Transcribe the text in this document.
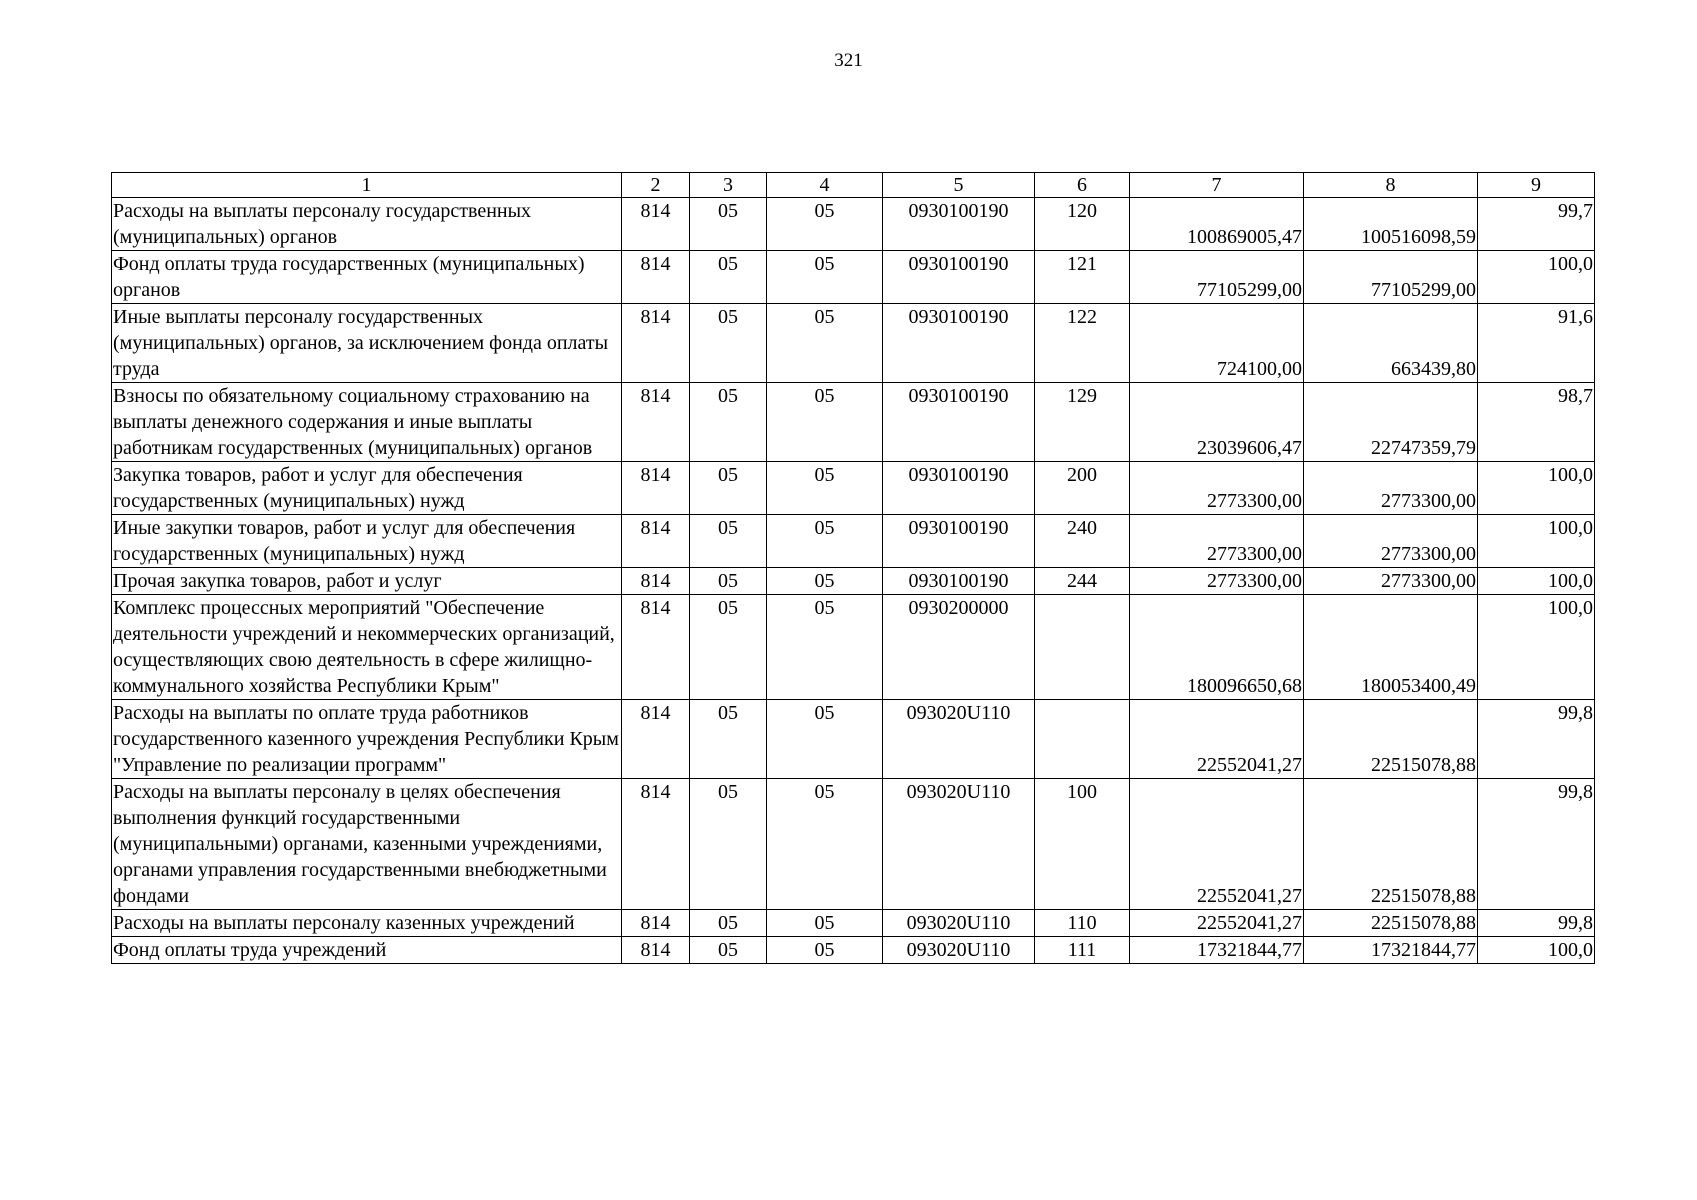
321
1	2	3	4	5	6	7	8	9
Расходы на выплаты персоналу государственных (муниципальных) органов	814	05	05	0930100190	120	100869005,47	100516098,59	99,7
Фонд оплаты труда государственных (муниципальных) органов	814	05	05	0930100190	121	77105299,00	77105299,00	100,0
Иные выплаты персоналу государственных (муниципальных) органов, за исключением фонда оплаты труда	814	05	05	0930100190	122	724100,00	663439,80	91,6
Взносы по обязательному социальному страхованию на выплаты денежного содержания и иные выплаты работникам государственных (муниципальных) органов	814	05	05	0930100190	129	23039606,47	22747359,79	98,7
Закупка товаров, работ и услуг для обеспечения государственных (муниципальных) нужд	814	05	05	0930100190	200	2773300,00	2773300,00	100,0
Иные закупки товаров, работ и услуг для обеспечения государственных (муниципальных) нужд	814	05	05	0930100190	240	2773300,00	2773300,00	100,0
Прочая закупка товаров, работ и услуг	814	05	05	0930100190	244	2773300,00	2773300,00	100,0
Комплекс процессных мероприятий "Обеспечение деятельности учреждений и некоммерческих организаций, осуществляющих свою деятельность в сфере жилищно-коммунального хозяйства Республики Крым"	814	05	05	0930200000		180096650,68	180053400,49	100,0
Расходы на выплаты по оплате труда работников государственного казенного учреждения Республики Крым "Управление по реализации программ"	814	05	05	093020U110		22552041,27	22515078,88	99,8
Расходы на выплаты персоналу в целях обеспечения выполнения функций государственными (муниципальными) органами, казенными учреждениями, органами управления государственными внебюджетными фондами	814	05	05	093020U110	100	22552041,27	22515078,88	99,8
Расходы на выплаты персоналу казенных учреждений	814	05	05	093020U110	110	22552041,27	22515078,88	99,8
Фонд оплаты труда учреждений	814	05	05	093020U110	111	17321844,77	17321844,77	100,0
